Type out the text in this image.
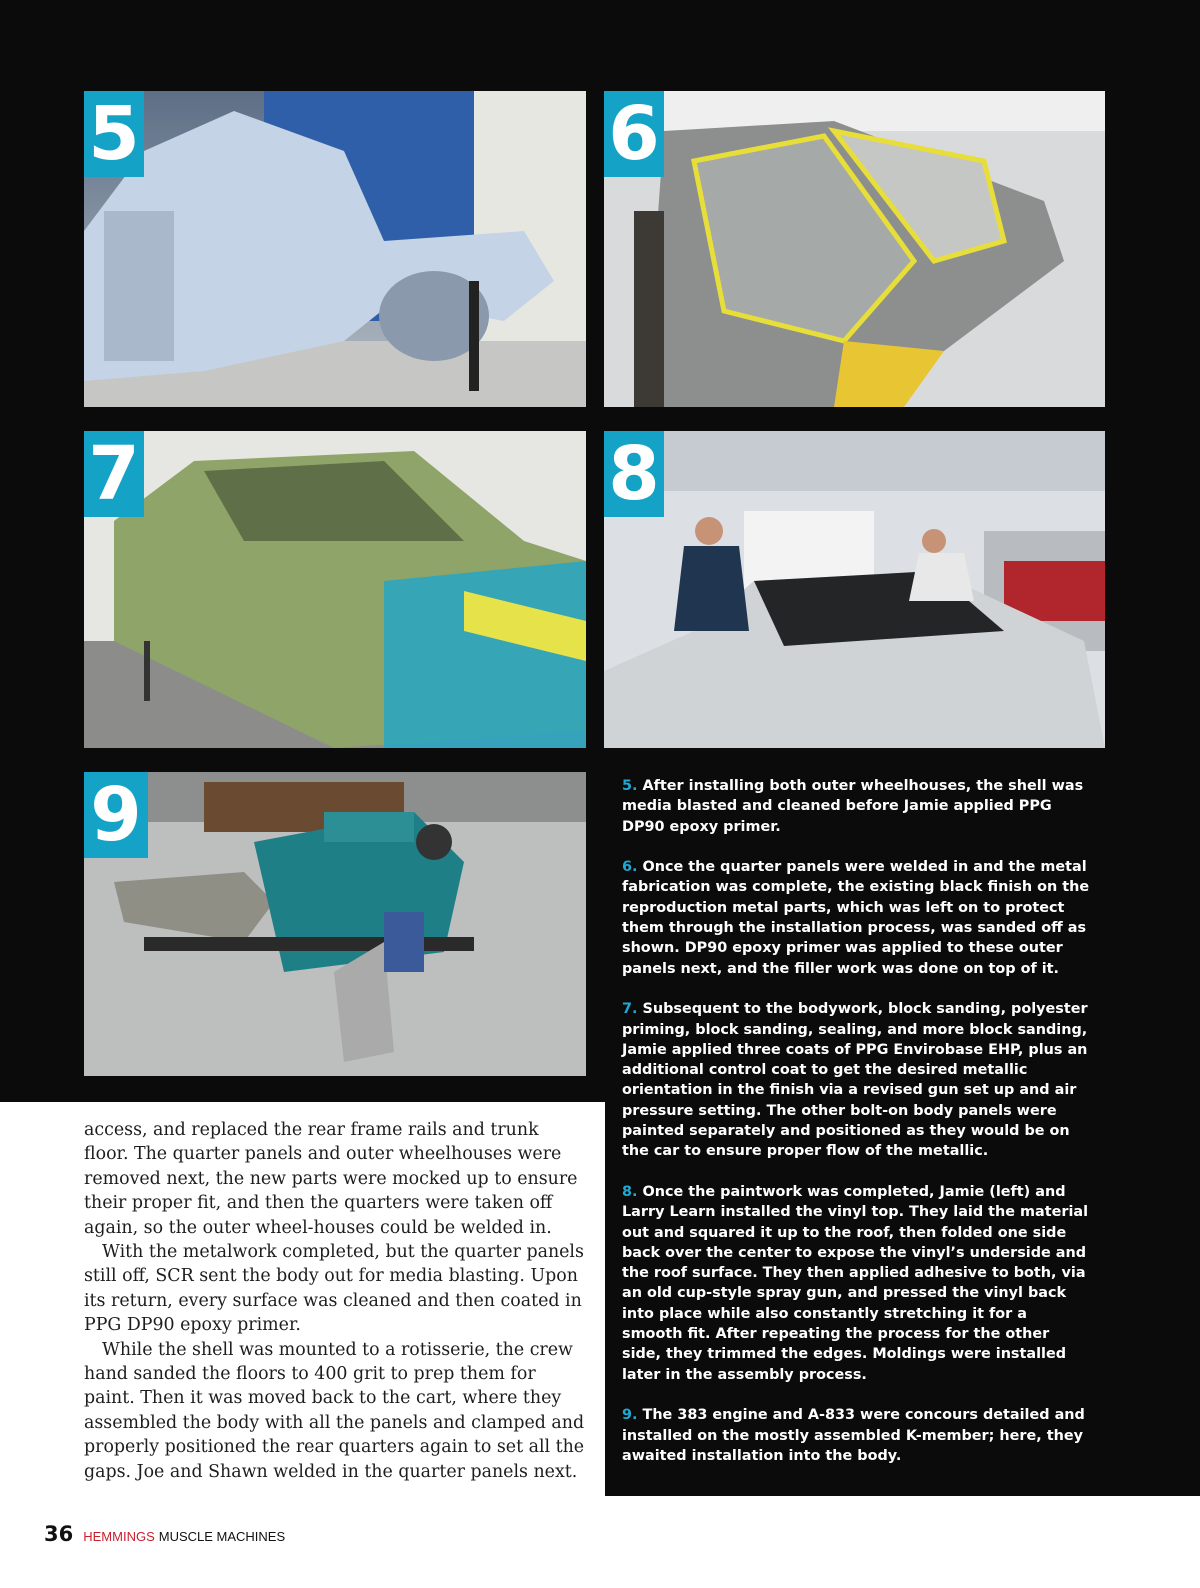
5	6
7	8
9	5. After installing both outer wheelhouses, the shell was media blasted and cleaned before Jamie applied PPG DP90 epoxy primer.

6. Once the quarter panels were welded in and the metal fabrication was complete, the existing black finish on the reproduction metal parts, which was left on to protect them through the installation process, was sanded off as shown. DP90 epoxy primer was applied to these outer panels next, and the filler work was done on top of it.

7. Subsequent to the bodywork, block sanding, polyester priming, block sanding, sealing, and more block sanding, Jamie applied three coats of PPG Envirobase EHP, plus an additional control coat to get the desired metallic orientation in the finish via a revised gun set up and air pressure setting. The other bolt-on body panels were painted separately and positioned as they would be on the car to ensure proper flow of the metallic.

8. Once the paintwork was completed, Jamie (left) and Larry Learn installed the vinyl top. They laid the material out and squared it up to the roof, then folded one side back over the center to expose the vinyl’s underside and the roof surface. They then applied adhesive to both, via an old cup-style spray gun, and pressed the vinyl back into place while also constantly stretching it for a smooth fit. After repeating the process for the other side, they trimmed the edges. Moldings were installed later in the assembly process.

9. The 383 engine and A-833 were concours detailed and installed on the mostly assembled K-member; here, they awaited installation into the body.

access, and replaced the rear frame rails and trunk floor. The quarter panels and outer wheelhouses were removed next, the new parts were mocked up to ensure their proper fit, and then the quarters were taken off again, so the outer wheel-houses could be welded in.

With the metalwork completed, but the quarter panels still off, SCR sent the body out for media blasting. Upon its return, every surface was cleaned and then coated in PPG DP90 epoxy primer.

While the shell was mounted to a rotisserie, the crew hand sanded the floors to 400 grit to prep them for paint. Then it was moved back to the cart, where they assembled the body with all the panels and clamped and properly positioned the rear quarters again to set all the gaps. Joe and Shawn welded in the quarter panels next.

36 HEMMINGS MUSCLE MACHINES
